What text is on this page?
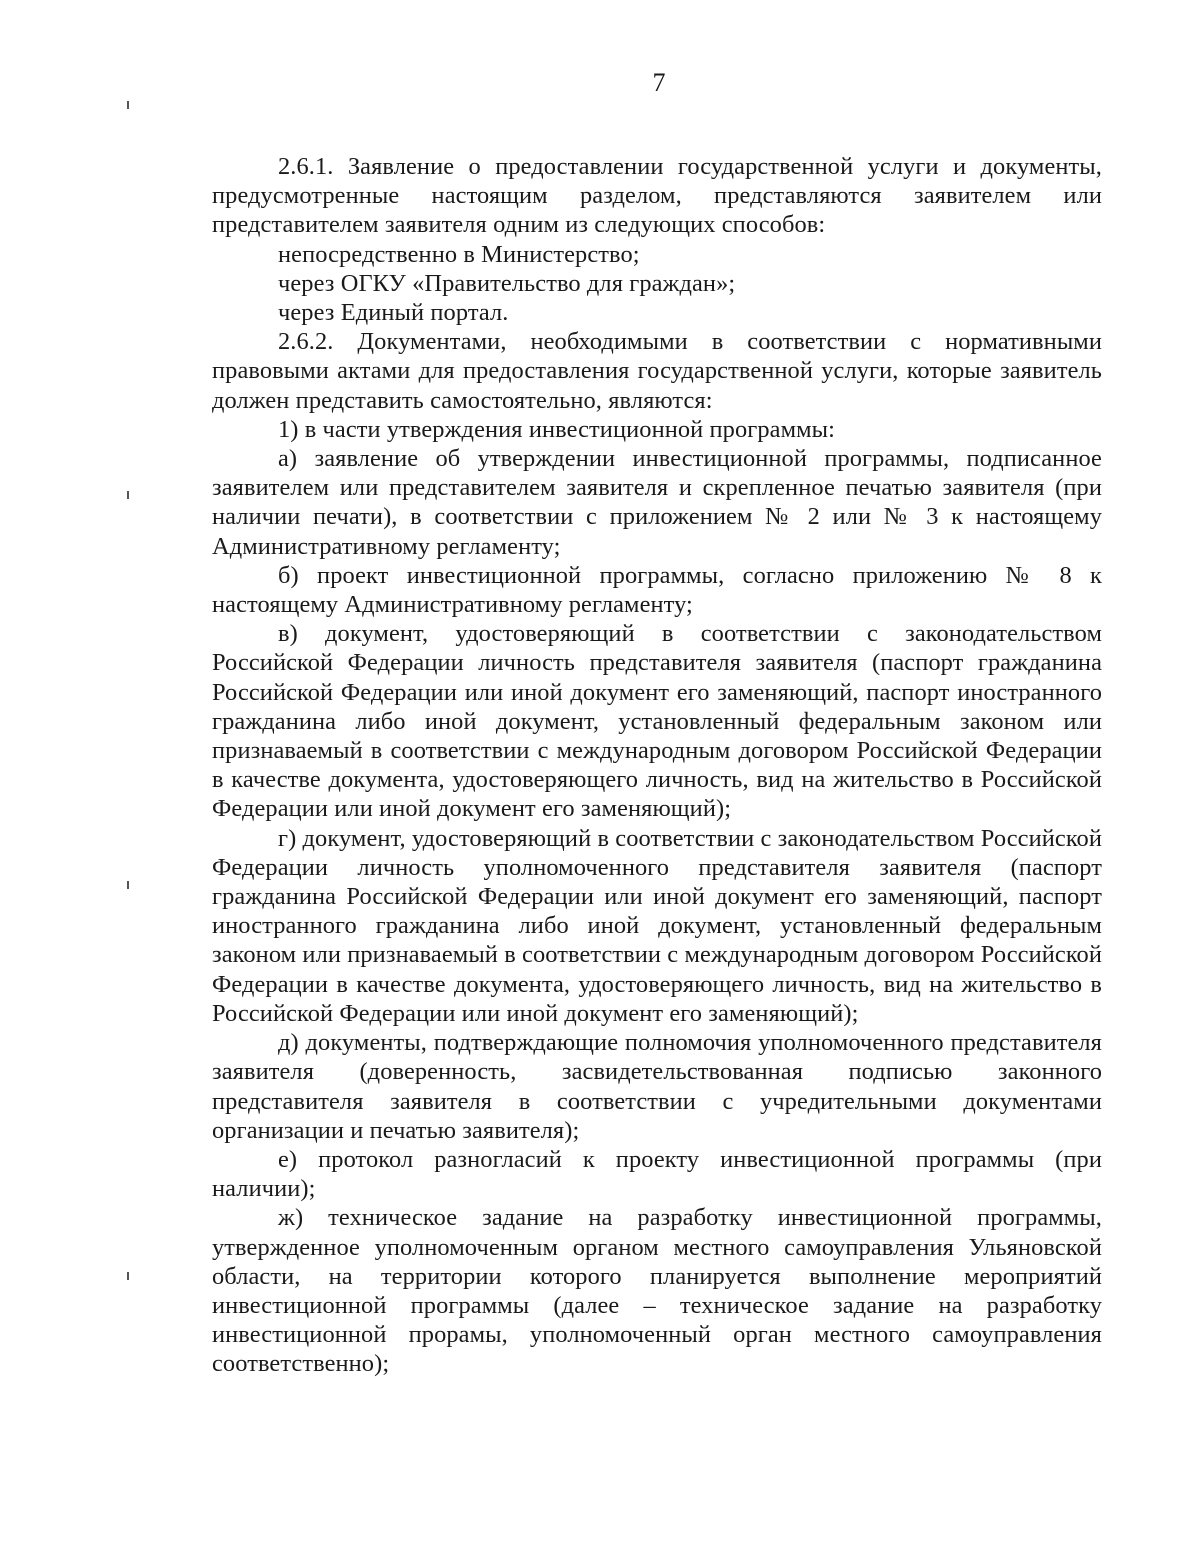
7

2.6.1. Заявление о предоставлении государственной услуги и документы, предусмотренные настоящим разделом, представляются заявителем или представителем заявителя одним из следующих способов:

непосредственно в Министерство;

через ОГКУ «Правительство для граждан»;

через Единый портал.

2.6.2. Документами, необходимыми в соответствии с нормативными правовыми актами для предоставления государственной услуги, которые заявитель должен представить самостоятельно, являются:

1) в части утверждения инвестиционной программы:

а) заявление об утверждении инвестиционной программы, подписанное заявителем или представителем заявителя и скрепленное печатью заявителя (при наличии печати), в соответствии с приложением № 2 или № 3 к настоящему Административному регламенту;

б) проект инвестиционной программы, согласно приложению № 8 к настоящему Административному регламенту;

в) документ, удостоверяющий в соответствии с законодательством Российской Федерации личность представителя заявителя (паспорт гражданина Российской Федерации или иной документ его заменяющий, паспорт иностранного гражданина либо иной документ, установленный федеральным законом или признаваемый в соответствии с международным договором Российской Федерации в качестве документа, удостоверяющего личность, вид на жительство в Российской Федерации или иной документ его заменяющий);

г) документ, удостоверяющий в соответствии с законодательством Российской Федерации личность уполномоченного представителя заявителя (паспорт гражданина Российской Федерации или иной документ его заменяющий, паспорт иностранного гражданина либо иной документ, установленный федеральным законом или признаваемый в соответствии с международным договором Российской Федерации в качестве документа, удостоверяющего личность, вид на жительство в Российской Федерации или иной документ его заменяющий);

д) документы, подтверждающие полномочия уполномоченного представителя заявителя (доверенность, засвидетельствованная подписью законного представителя заявителя в соответствии с учредительными документами организации и печатью заявителя);

е) протокол разногласий к проекту инвестиционной программы (при наличии);

ж) техническое задание на разработку инвестиционной программы, утвержденное уполномоченным органом местного самоуправления Ульяновской области, на территории которого планируется выполнение мероприятий инвестиционной программы (далее – техническое задание на разработку инвестиционной прорамы, уполномоченный орган местного самоуправления соответственно);
